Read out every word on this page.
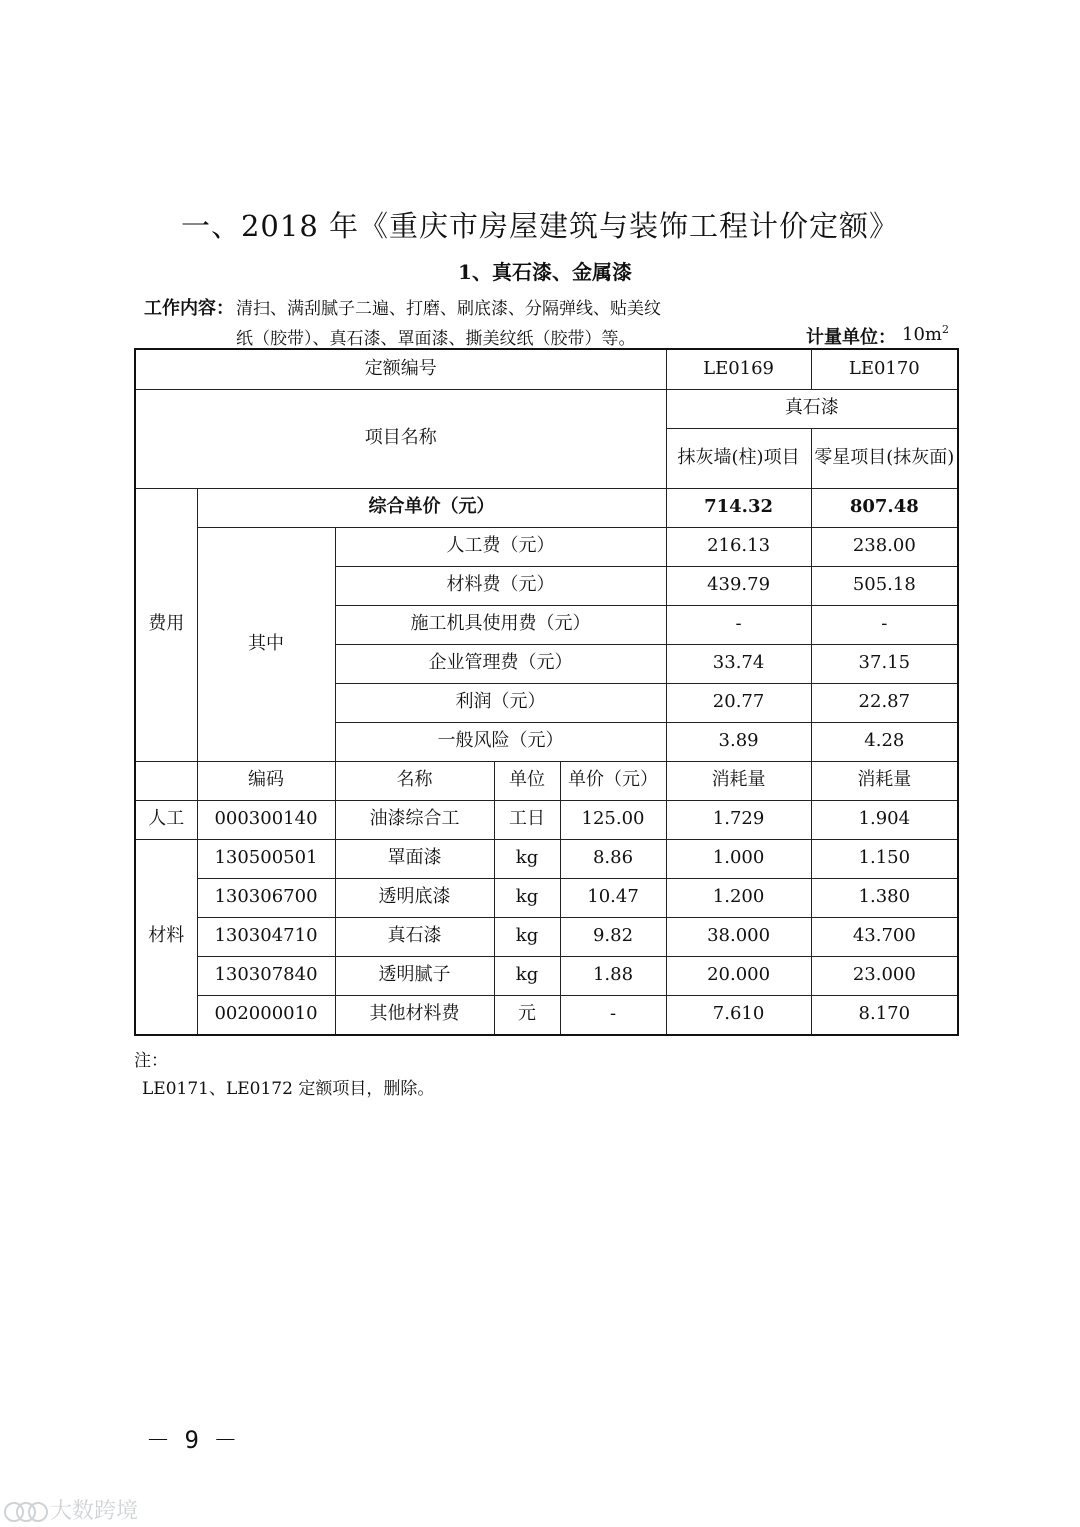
一、2018 年《重庆市房屋建筑与装饰工程计价定额》
1、真石漆、金属漆
工作内容： 清扫、满刮腻子二遍、打磨、刷底漆、分隔弹线、贴美纹
纸（胶带）、真石漆、罩面漆、撕美纹纸（胶带）等。	计量单位： $10m^2$
定额编号					LE0169	LE0170
项目名称					真石漆	
					抹灰墙(柱)项目	零星项目(抹灰面)
费用	综合单价（元）				714.32	807.48
	其中	人工费（元）			216.13	238.00
		材料费（元）			439.79	505.18
		施工机具使用费（元）			-	-
		企业管理费（元）			33.74	37.15
		利润（元）			20.77	22.87
		一般风险（元）			3.89	4.28
	编码	名称	单位	单价（元）	消耗量	消耗量
人工	000300140	油漆综合工	工日	125.00	1.729	1.904
材料	130500501	罩面漆	kg	8.86	1.000	1.150
	130306700	透明底漆	kg	10.47	1.200	1.380
	130304710	真石漆	kg	9.82	38.000	43.700
	130307840	透明腻子	kg	1.88	20.000	23.000
	002000010	其他材料费	元	-	7.610	8.170
注：
LE0171、LE0172 定额项目，删除。
－ 9 －
大数跨境
